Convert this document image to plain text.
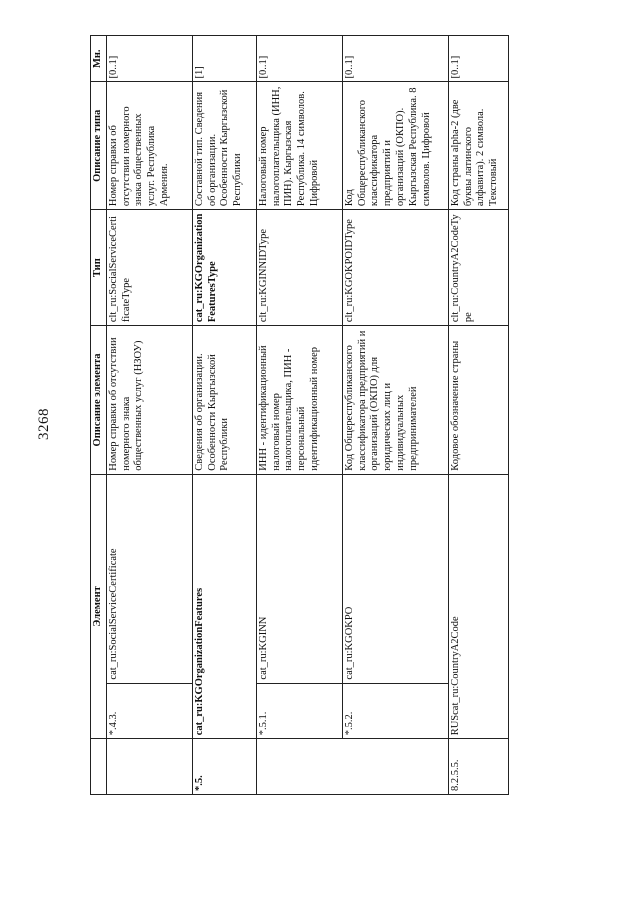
3268
	Элемент		Описание элемента	Тип	Описание типа	Мн.
	*.4.3.	cat_ru:SocialServiceCertificate	Номер справки об отсутствии номерного знака общественных услуг (НЗОУ)	clt_ru:SocialServiceCertificateType	Номер справки об отсутствии номерного знака общественных услуг. Республика Армения.	[0..1]
*.5.	cat_ru:KGOrganizationFeatures		Сведения об организации. Особенности Кыргызской Республики	cat_ru:KGOrganizationFeaturesType	Составной тип. Сведения об организации. Особенности Кыргызской Республики	[1]
	*.5.1.	cat_ru:KGINN	ИНН - идентификационный налоговый номер налогоплательщика, ПИН - персональный идентификационный номер	clt_ru:KGINNIDType	Налоговый номер налогоплательщика (ИНН, ПИН). Кыргызская Республика. 14 символов. Цифровой	[0..1]
	*.5.2.	cat_ru:KGOKPO	Код Общереспубликанского классификатора предприятий и организаций (ОКПО) для юридических лиц и индивидуальных предпринимателей	clt_ru:KGOKPOIDType	Код Общереспубликанского классификатора предприятий и организаций (ОКПО). Кыргызская Республика. 8 символов. Цифровой	[0..1]
8.2.5.5.	RUScat_ru:CountryA2Code		Кодовое обозначение страны	clt_ru:CountryA2CodeType	Код страны alpha-2 (две буквы латинского алфавита). 2 символа. Текстовый	[0..1]
